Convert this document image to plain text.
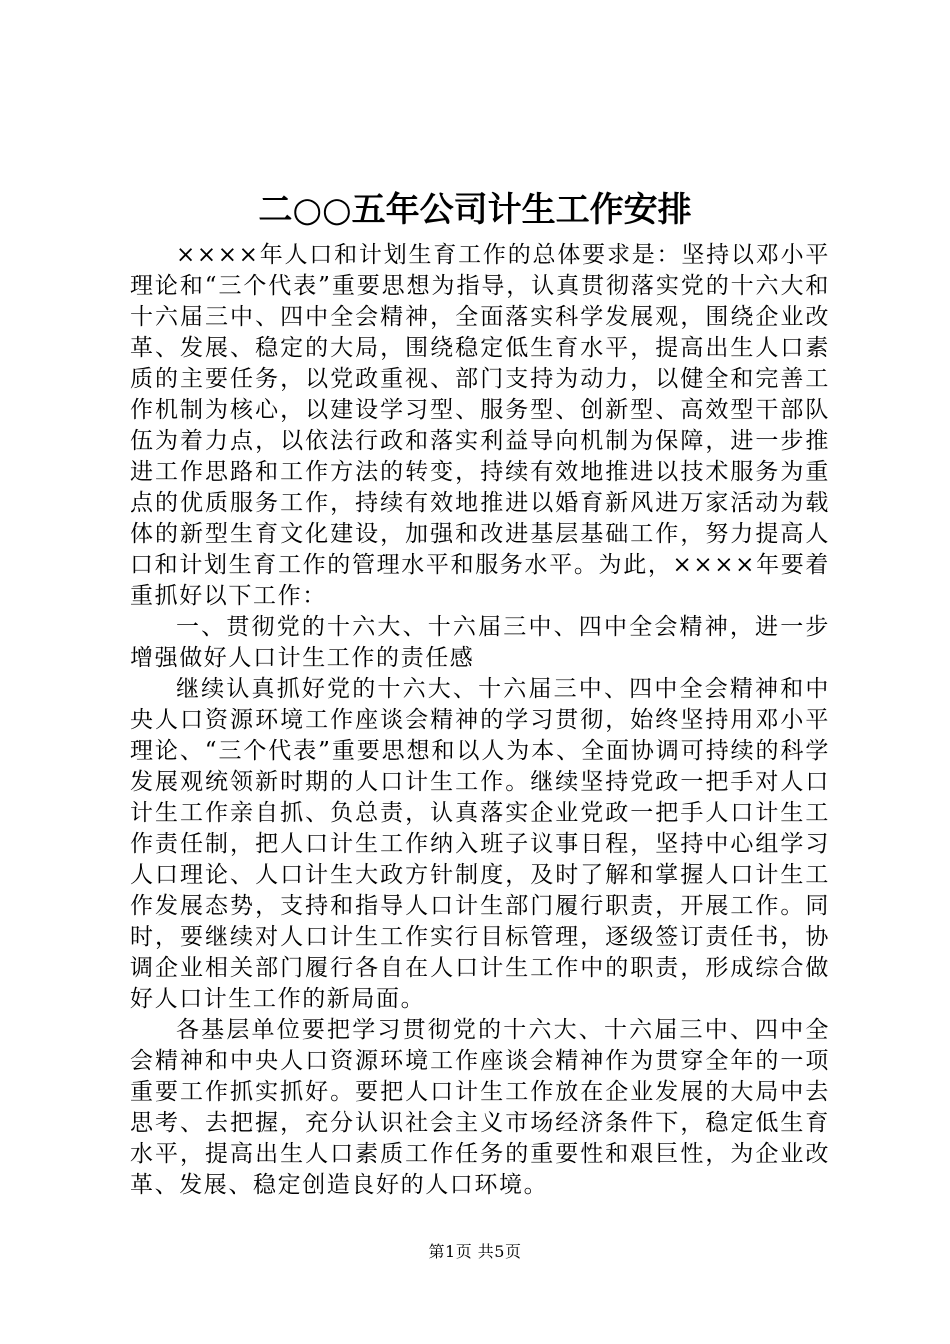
二○○五年公司计生工作安排

××××年人口和计划生育工作的总体要求是：坚持以邓小平理论和“三个代表”重要思想为指导，认真贯彻落实党的十六大和十六届三中、四中全会精神，全面落实科学发展观，围绕企业改革、发展、稳定的大局，围绕稳定低生育水平，提高出生人口素质的主要任务，以党政重视、部门支持为动力，以健全和完善工作机制为核心，以建设学习型、服务型、创新型、高效型干部队伍为着力点，以依法行政和落实利益导向机制为保障，进一步推进工作思路和工作方法的转变，持续有效地推进以技术服务为重点的优质服务工作，持续有效地推进以婚育新风进万家活动为载体的新型生育文化建设，加强和改进基层基础工作，努力提高人口和计划生育工作的管理水平和服务水平。为此，××××年要着重抓好以下工作：

一、贯彻党的十六大、十六届三中、四中全会精神，进一步增强做好人口计生工作的责任感

继续认真抓好党的十六大、十六届三中、四中全会精神和中央人口资源环境工作座谈会精神的学习贯彻，始终坚持用邓小平理论、“三个代表”重要思想和以人为本、全面协调可持续的科学发展观统领新时期的人口计生工作。继续坚持党政一把手对人口计生工作亲自抓、负总责，认真落实企业党政一把手人口计生工作责任制，把人口计生工作纳入班子议事日程，坚持中心组学习人口理论、人口计生大政方针制度，及时了解和掌握人口计生工作发展态势，支持和指导人口计生部门履行职责，开展工作。同时，要继续对人口计生工作实行目标管理，逐级签订责任书，协调企业相关部门履行各自在人口计生工作中的职责，形成综合做好人口计生工作的新局面。

各基层单位要把学习贯彻党的十六大、十六届三中、四中全会精神和中央人口资源环境工作座谈会精神作为贯穿全年的一项重要工作抓实抓好。要把人口计生工作放在企业发展的大局中去思考、去把握，充分认识社会主义市场经济条件下，稳定低生育水平，提高出生人口素质工作任务的重要性和艰巨性，为企业改革、发展、稳定创造良好的人口环境。

第1页 共5页
